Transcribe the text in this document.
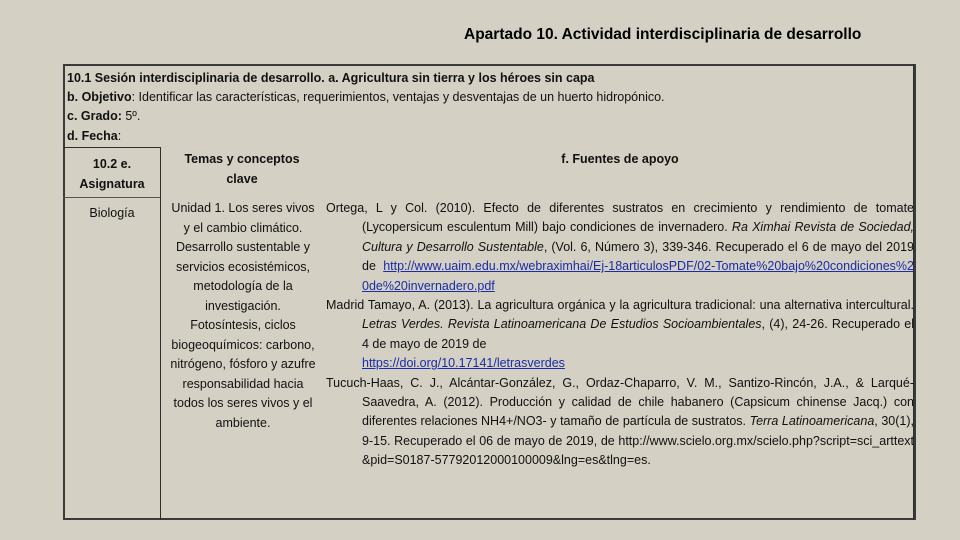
Apartado 10. Actividad interdisciplinaria de desarrollo
10.1 Sesión interdisciplinaria de desarrollo. a. Agricultura sin tierra y los héroes sin capa
b. Objetivo: Identificar las características, requerimientos, ventajas y desventajas de un huerto hidropónico.
c. Grado: 5º.
d. Fecha:
10.2 e.
Asignatura
Temas y conceptos
clave
f. Fuentes de apoyo
Biología	Unidad 1. Los seres vivos
y el cambio climático.
Desarrollo sustentable y
servicios ecosistémicos,
metodología de la
investigación.
Fotosíntesis, ciclos
biogeoquímicos: carbono,
nitrógeno, fósforo y azufre
responsabilidad hacia
todos los seres vivos y el
ambiente.

Ortega, L y Col. (2010). Efecto de diferentes sustratos en crecimiento y rendimiento de tomate (Lycopersicum esculentum Mill) bajo condiciones de invernadero. Ra Ximhai Revista de Sociedad, Cultura y Desarrollo Sustentable, (Vol. 6, Número 3), 339-346. Recuperado el 6 de mayo del 2019 de http://www.uaim.edu.mx/webraximhai/Ej-18articulosPDF/02-Tomate%20bajo%20condiciones%20de%20invernadero.pdf

Madrid Tamayo, A. (2013). La agricultura orgánica y la agricultura tradicional: una alternativa intercultural. Letras Verdes. Revista Latinoamericana De Estudios Socioambientales, (4), 24-26. Recuperado el 4 de mayo de 2019 de

https://doi.org/10.17141/letrasverdes

Tucuch-Haas, C. J., Alcántar-González, G., Ordaz-Chaparro, V. M., Santizo-Rincón, J.A., & Larqué-Saavedra, A. (2012). Producción y calidad de chile habanero (Capsicum chinense Jacq.) con diferentes relaciones NH4+/NO3- y tamaño de partícula de sustratos. Terra Latinoamericana, 30(1), 9-15. Recuperado el 06 de mayo de 2019, de http://www.scielo.org.mx/scielo.php?script=sci_arttext&pid=S0187-57792012000100009&lng=es&tlng=es.
